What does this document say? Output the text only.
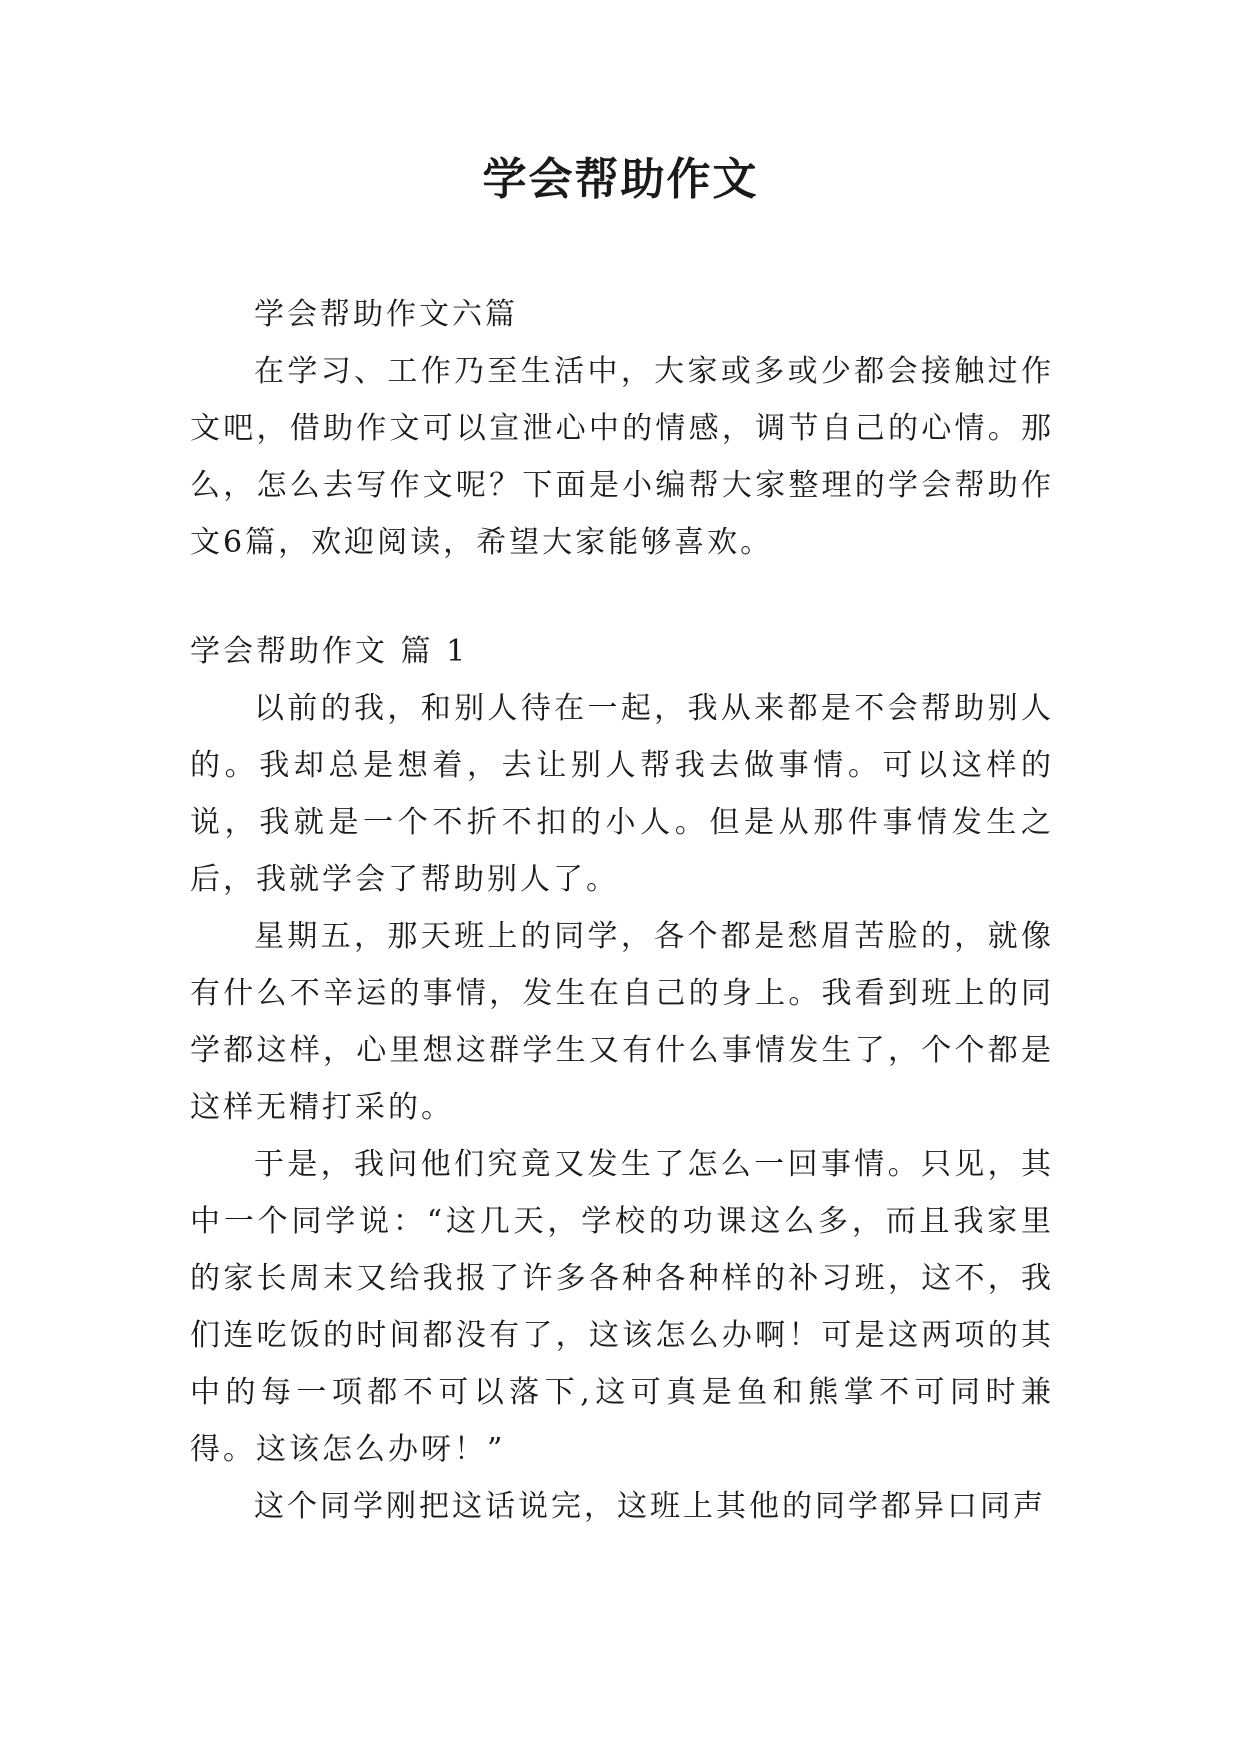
学会帮助作文

学会帮助作文六篇

在学习、工作乃至生活中，大家或多或少都会接触过作文吧，借助作文可以宣泄心中的情感，调节自己的心情。那么，怎么去写作文呢？下面是小编帮大家整理的学会帮助作文6篇，欢迎阅读，希望大家能够喜欢。

学会帮助作文 篇 1

以前的我，和别人待在一起，我从来都是不会帮助别人的。我却总是想着，去让别人帮我去做事情。可以这样的说，我就是一个不折不扣的小人。但是从那件事情发生之后，我就学会了帮助别人了。

星期五，那天班上的同学，各个都是愁眉苦脸的，就像有什么不辛运的事情，发生在自己的身上。我看到班上的同学都这样，心里想这群学生又有什么事情发生了，个个都是这样无精打采的。

于是，我问他们究竟又发生了怎么一回事情。只见，其中一个同学说：“这几天，学校的功课这么多，而且我家里的家长周末又给我报了许多各种各种样的补习班，这不，我们连吃饭的时间都没有了，这该怎么办啊！可是这两项的其中的每一项都不可以落下,这可真是鱼和熊掌不可同时兼得。这该怎么办呀！”

这个同学刚把这话说完，这班上其他的同学都异口同声
